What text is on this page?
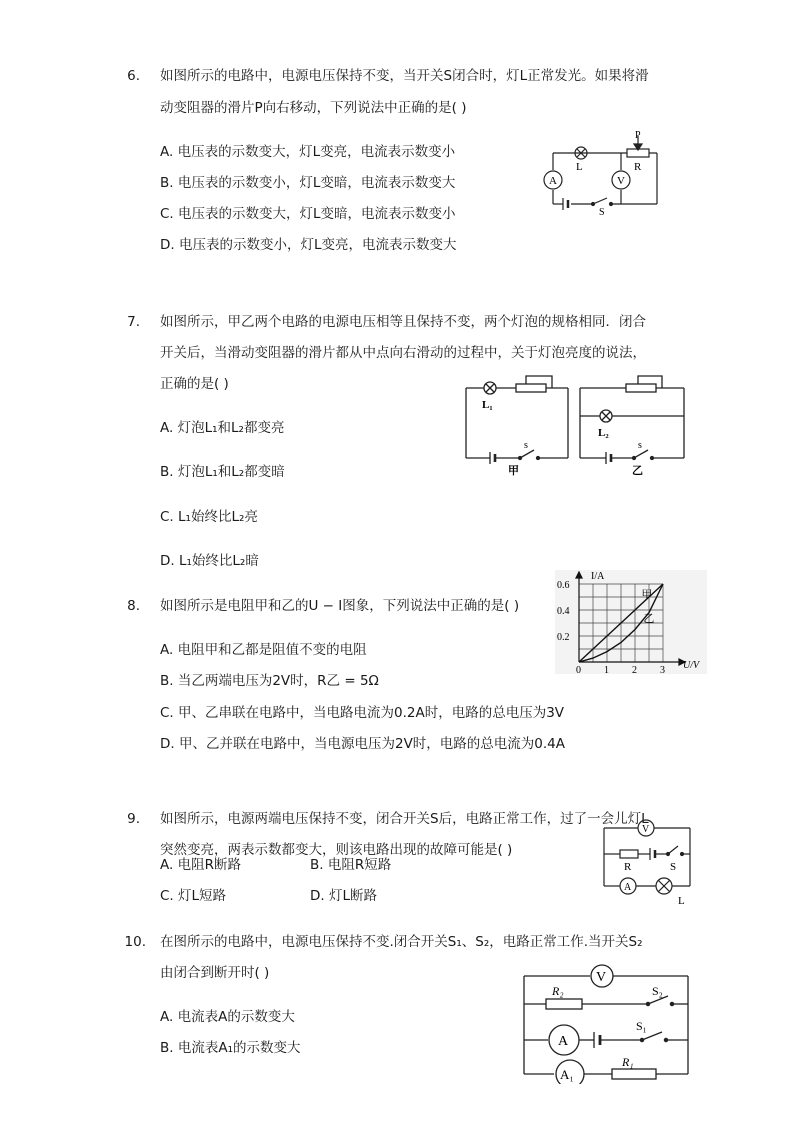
6. 如图所示的电路中，电源电压保持不变，当开关S闭合时，灯L正常发光。如果将滑
动变阻器的滑片P向右移动，下列说法中正确的是( )
A. 电压表的示数变大，灯L变亮，电流表示数变小
B. 电压表的示数变小，灯L变暗，电流表示数变大
C. 电压表的示数变大，灯L变暗，电流表示数变小
D. 电压表的示数变小，灯L变亮，电流表示数变大
P
L	R
A	V
S
7. 如图所示，甲乙两个电路的电源电压相等且保持不变，两个灯泡的规格相同．闭合
开关后，当滑动变阻器的滑片都从中点向右滑动的过程中，关于灯泡亮度的说法，
正确的是( )
A. 灯泡L₁和L₂都变亮
B. 灯泡L₁和L₂都变暗
C. L₁始终比L₂亮
D. L₁始终比L₂暗
L₁
s
甲
L₂
s
乙
8. 如图所示是电阻甲和乙的U − I图象，下列说法中正确的是( )
A. 电阻甲和乙都是阻值不变的电阻
B. 当乙两端电压为2V时，R乙 = 5Ω
C. 甲、乙串联在电路中，当电路电流为0.2A时，电路的总电压为3V
D. 甲、乙并联在电路中，当电源电压为2V时，电路的总电流为0.4A
0 1 2 3
0.2
0.4
0.6
甲
乙
I/A
U/V
9. 如图所示，电源两端电压保持不变，闭合开关S后，电路正常工作，过了一会儿灯L
突然变亮，两表示数都变大，则该电路出现的故障可能是( )
A. 电阻R断路	B. 电阻R短路
C. 灯L短路	D. 灯L断路
V
R	S
A
L
10. 在图所示的电路中，电源电压保持不变.闭合开关S₁、S₂，电路正常工作.当开关S₂
由闭合到断开时( )
A. 电流表A的示数变大
B. 电流表A₁的示数变大
V
R₂	S₂
A
S₁
A₁
R₁
